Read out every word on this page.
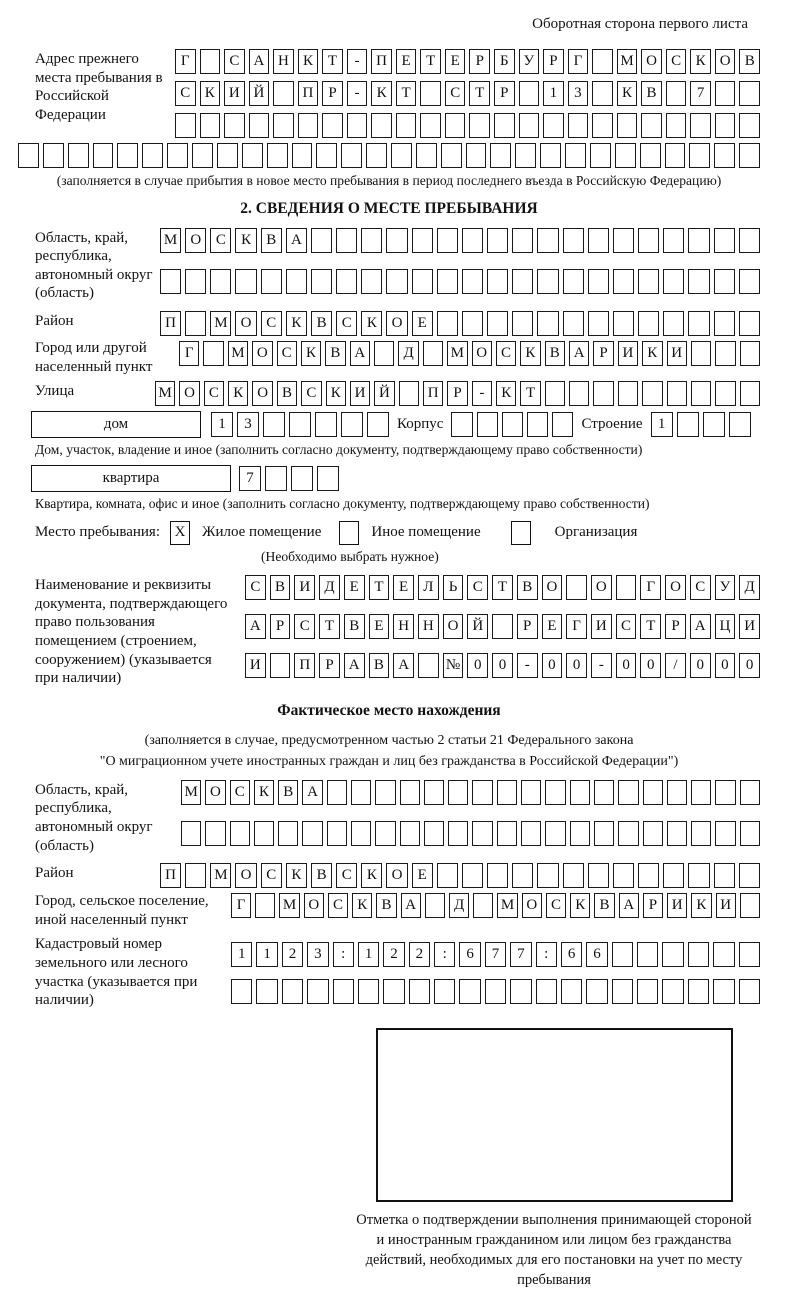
Оборотная сторона первого листа
Адрес прежнего места пребывания в Российской Федерации
Г	С А Н К Т	-	П Е	Т	Е	Р	Б У	Р	Г	М О С К О В
С К И Й	П Р	-	К Т	С Т	Р	1	3	К В	7
(заполняется в случае прибытия в новое место пребывания в период последнего въезда в Российскую Федерацию)
2. СВЕДЕНИЯ О МЕСТЕ ПРЕБЫВАНИЯ
Область, край, республика, автономный округ (область)
М О С	К	В А
Район	П	М О С	К	В	С	К О	Е
Город или другой населенный пункт
Г	М О С К В А	Д	М О С К В А Р И К И
Улица	М О С К О В С К И Й	П Р	-	К Т
дом	1	3	Корпус	Строение	1
Дом, участок, владение и иное (заполнить согласно документу, подтверждающему право собственности)
квартира	7
Квартира, комната, офис и иное (заполнить согласно документу, подтверждающему право собственности)
Место пребывания: X	Жилое помещение	Иное помещение	Организация
(Необходимо выбрать нужное)
Наименование и реквизиты документа, подтверждающего право пользования помещением (строением, сооружением) (указывается при наличии)
С В И Д	Е	Т	Е	Л	Ь	С	Т	В О	О	Г О С У Д
А	Р	С	Т	В	Е Н Н О Й	Р	Е	Г И С	Т	Р	А Ц И
И	П	Р	А В А	№ 0	0	-	0	0	-	0	0	/	0	0	0
Фактическое место нахождения
(заполняется в случае, предусмотренном частью 2 статьи 21 Федерального закона
"О миграционном учете иностранных граждан и лиц без гражданства в Российской Федерации")
Область, край, республика, автономный округ (область)
М О С К В А
Район	П	М О С	К	В	С	К О	Е
Город, сельское поселение, иной населенный пункт
Г	М О С К В А	Д	М О С К В А Р И К И
Кадастровый номер земельного или лесного участка (указывается при наличии)
1	1	2	3	:	1	2	2	:	6	7	7	:	6	6
Отметка о подтверждении выполнения принимающей стороной и иностранным гражданином или лицом без гражданства действий, необходимых для его постановки на учет по месту пребывания
